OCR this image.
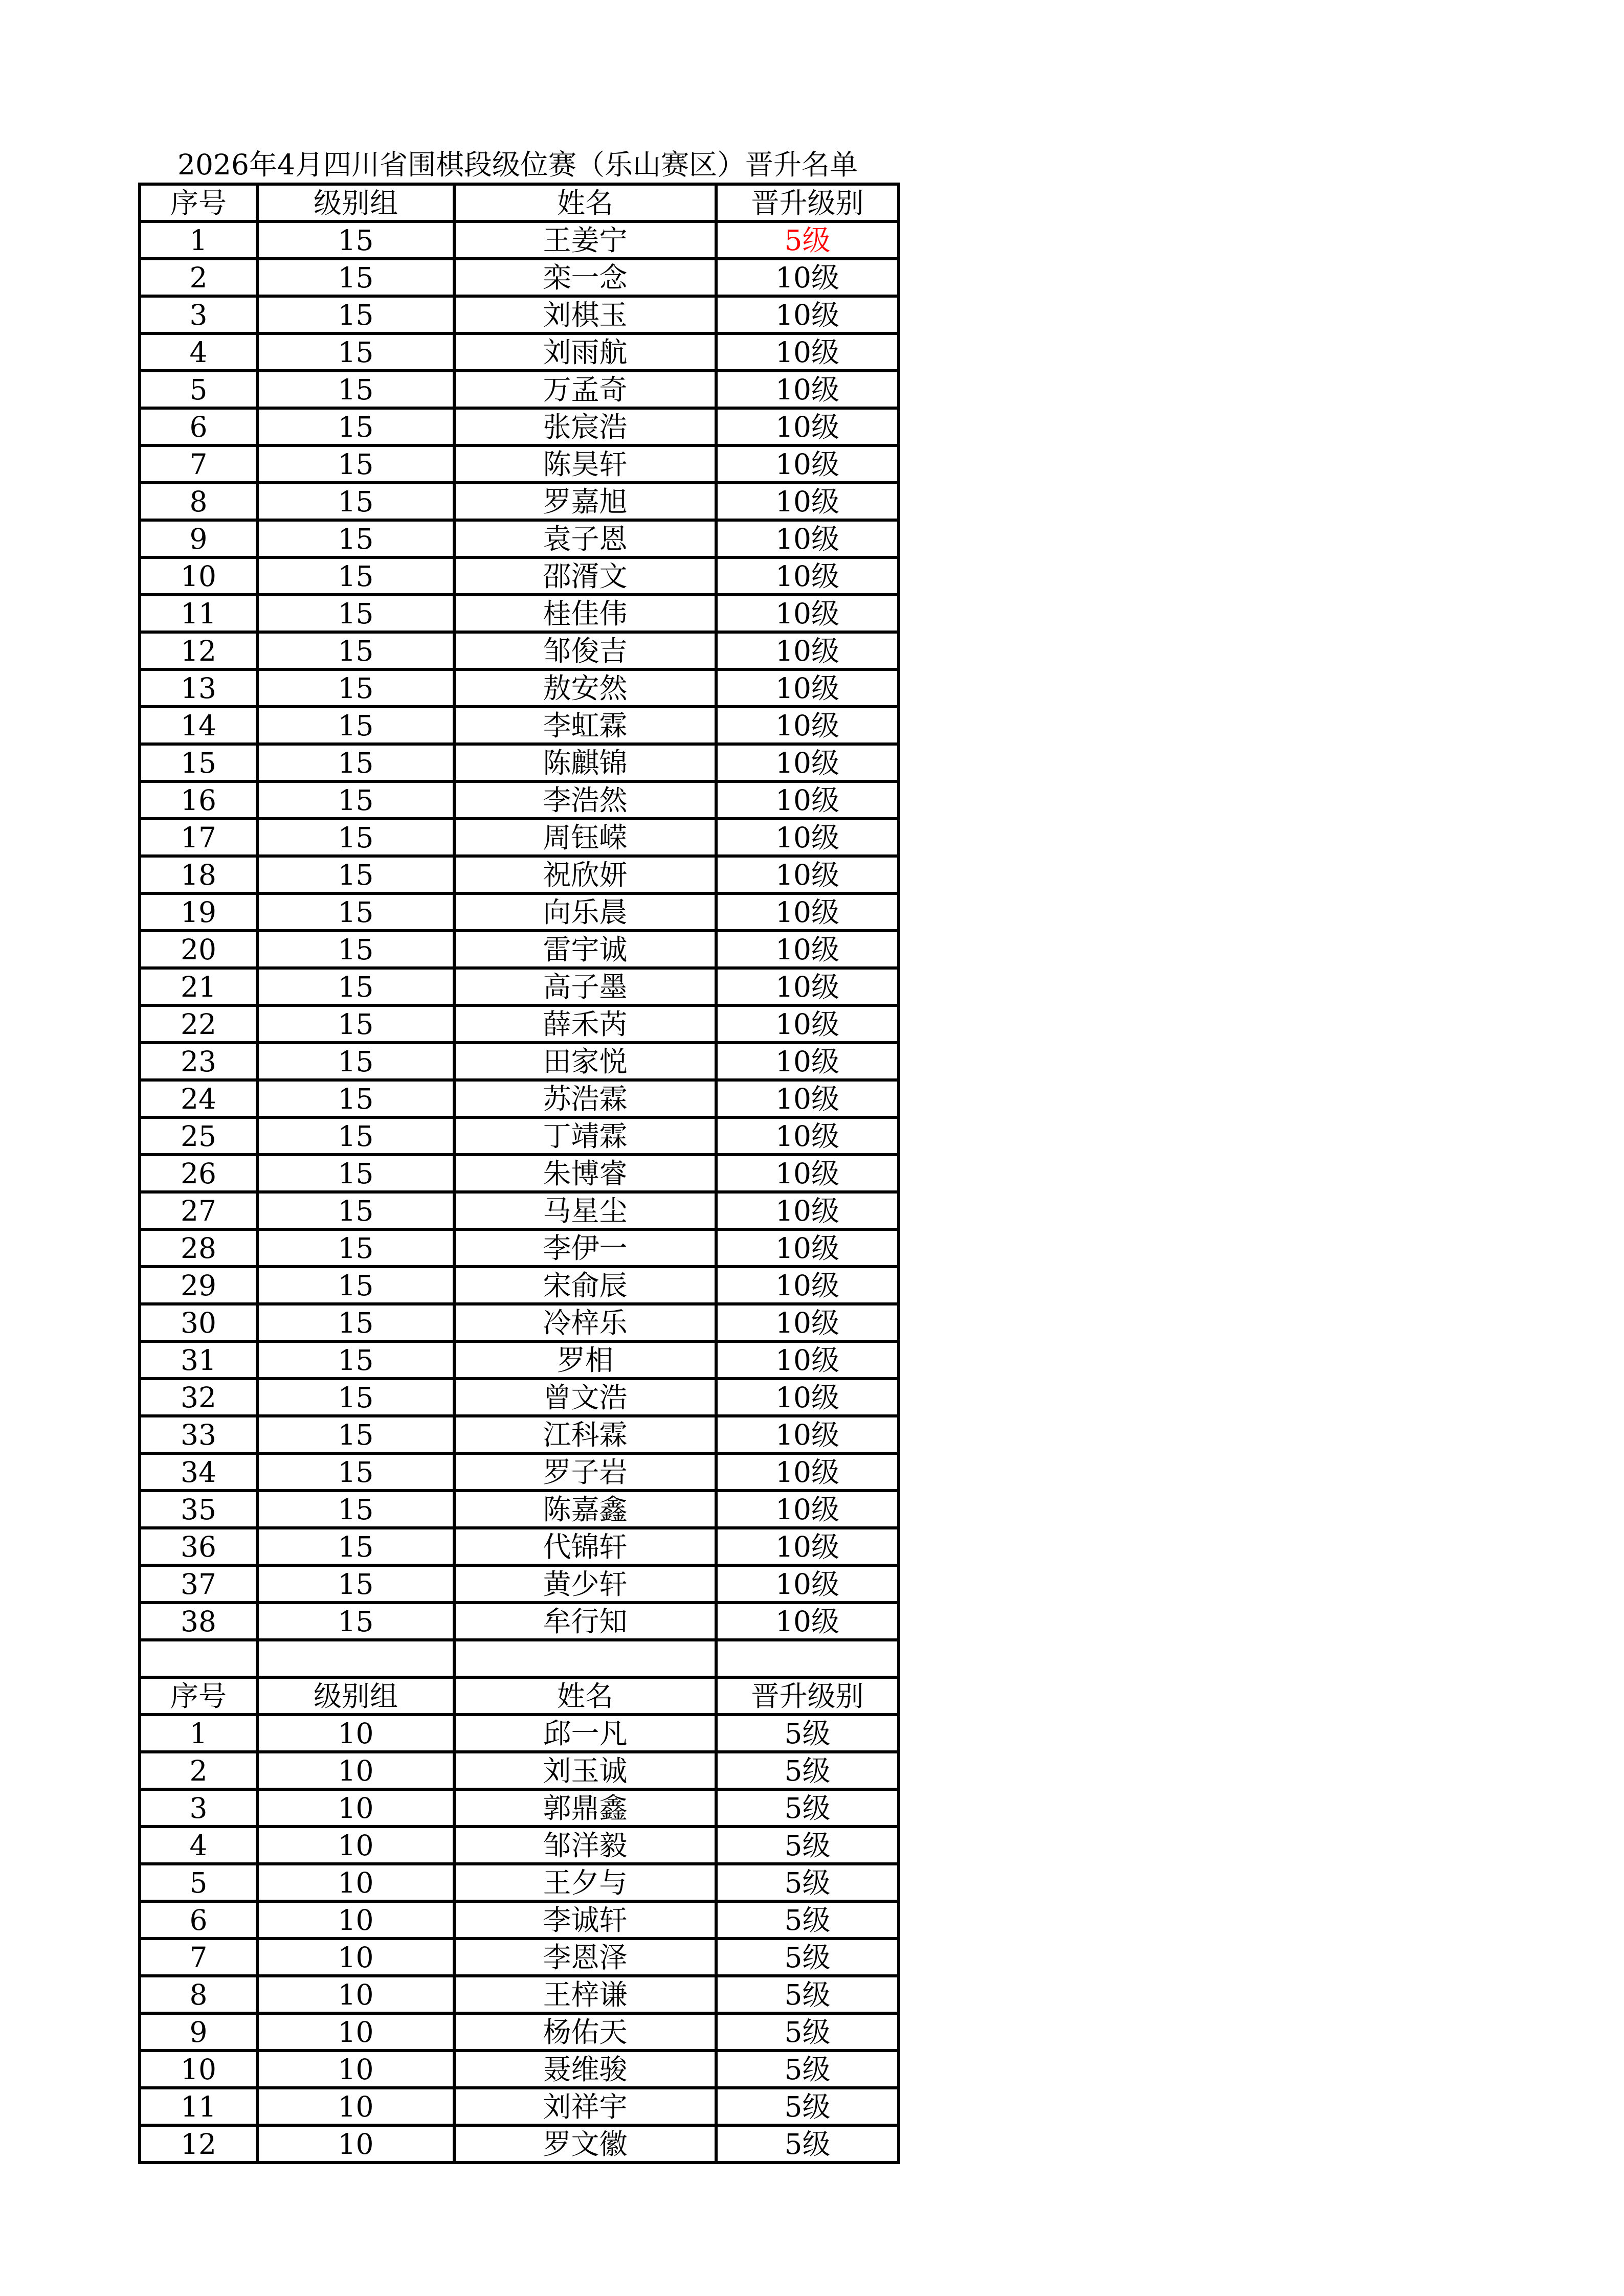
2026年4月四川省围棋段级位赛（乐山赛区）晋升名单
序号	级别组	姓名	晋升级别
1	15	王姜宁	5级
2	15	栾一念	10级
3	15	刘棋玉	10级
4	15	刘雨航	10级
5	15	万孟奇	10级
6	15	张宸浩	10级
7	15	陈昊轩	10级
8	15	罗嘉旭	10级
9	15	袁子恩	10级
10	15	邵湑文	10级
11	15	桂佳伟	10级
12	15	邹俊吉	10级
13	15	敖安然	10级
14	15	李虹霖	10级
15	15	陈麒锦	10级
16	15	李浩然	10级
17	15	周钰嵘	10级
18	15	祝欣妍	10级
19	15	向乐晨	10级
20	15	雷宇诚	10级
21	15	高子墨	10级
22	15	薛禾芮	10级
23	15	田家悦	10级
24	15	苏浩霖	10级
25	15	丁靖霖	10级
26	15	朱博睿	10级
27	15	马星尘	10级
28	15	李伊一	10级
29	15	宋俞辰	10级
30	15	冷梓乐	10级
31	15	罗相	10级
32	15	曾文浩	10级
33	15	江科霖	10级
34	15	罗子岩	10级
35	15	陈嘉鑫	10级
36	15	代锦轩	10级
37	15	黄少轩	10级
38	15	牟行知	10级

序号	级别组	姓名	晋升级别
1	10	邱一凡	5级
2	10	刘玉诚	5级
3	10	郭鼎鑫	5级
4	10	邹洋毅	5级
5	10	王夕与	5级
6	10	李诚轩	5级
7	10	李恩泽	5级
8	10	王梓谦	5级
9	10	杨佑天	5级
10	10	聂维骏	5级
11	10	刘祥宇	5级
12	10	罗文徽	5级
